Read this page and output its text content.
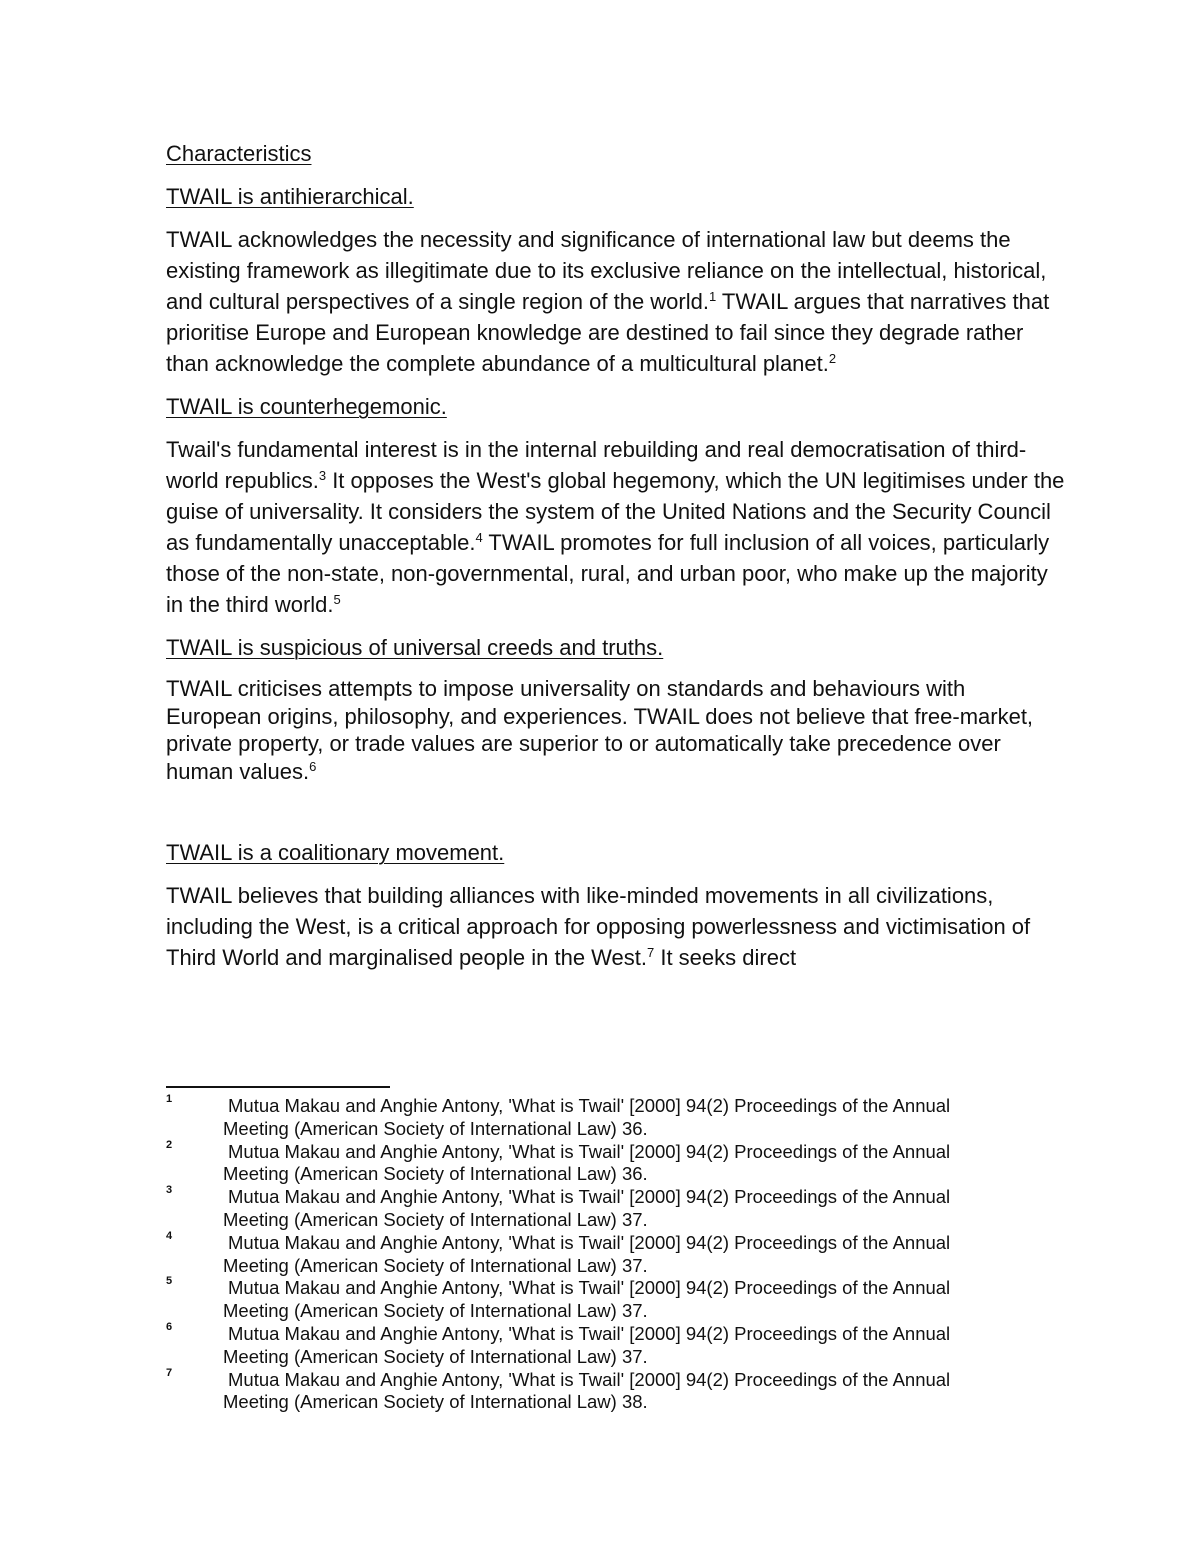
Characteristics

TWAIL is antihierarchical.

TWAIL acknowledges the necessity and significance of international law but deems the existing framework as illegitimate due to its exclusive reliance on the intellectual, historical, and cultural perspectives of a single region of the world.$^1$ TWAIL argues that narratives that prioritise Europe and European knowledge are destined to fail since they degrade rather than acknowledge the complete abundance of a multicultural planet.$^2$

TWAIL is counterhegemonic.

Twail's fundamental interest is in the internal rebuilding and real democratisation of third-world republics.$^3$ It opposes the West's global hegemony, which the UN legitimises under the guise of universality. It considers the system of the United Nations and the Security Council as fundamentally unacceptable.$^4$ TWAIL promotes for full inclusion of all voices, particularly those of the non-state, non-governmental, rural, and urban poor, who make up the majority in the third world.$^5$

TWAIL is suspicious of universal creeds and truths.

TWAIL criticises attempts to impose universality on standards and behaviours with European origins, philosophy, and experiences. TWAIL does not believe that free-market, private property, or trade values are superior to or automatically take precedence over human values.$^6$

TWAIL is a coalitionary movement.

TWAIL believes that building alliances with like-minded movements in all civilizations, including the West, is a critical approach for opposing powerlessness and victimisation of Third World and marginalised people in the West.$^7$ It seeks direct

1	Mutua Makau and Anghie Antony, 'What is Twail' [2000] 94(2) Proceedings of the Annual
Meeting (American Society of International Law) 36.
2	Mutua Makau and Anghie Antony, 'What is Twail' [2000] 94(2) Proceedings of the Annual
Meeting (American Society of International Law) 36.
3	Mutua Makau and Anghie Antony, 'What is Twail' [2000] 94(2) Proceedings of the Annual
Meeting (American Society of International Law) 37.
4	Mutua Makau and Anghie Antony, 'What is Twail' [2000] 94(2) Proceedings of the Annual
Meeting (American Society of International Law) 37.
5	Mutua Makau and Anghie Antony, 'What is Twail' [2000] 94(2) Proceedings of the Annual
Meeting (American Society of International Law) 37.
6	Mutua Makau and Anghie Antony, 'What is Twail' [2000] 94(2) Proceedings of the Annual
Meeting (American Society of International Law) 37.
7	Mutua Makau and Anghie Antony, 'What is Twail' [2000] 94(2) Proceedings of the Annual
Meeting (American Society of International Law) 38.
